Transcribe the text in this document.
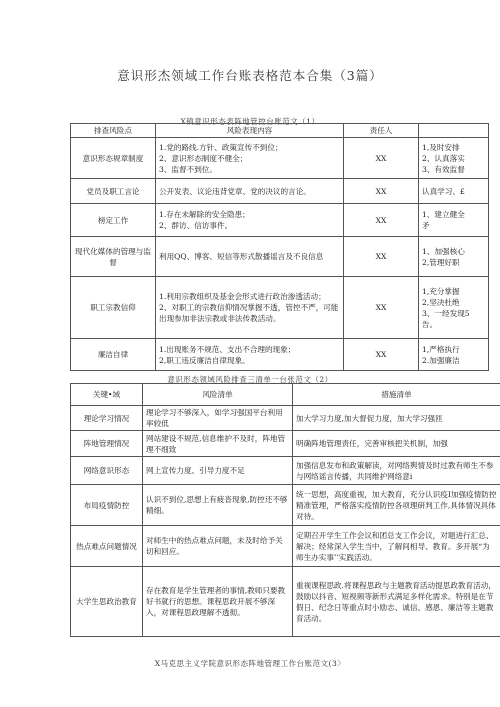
意识形杰领域工作台账表格范本合集（3篇）
X镇意识形态表阵地管控台账范文（1）
排查风险点	风险表现内容	责任人	
意识形态规章制度	1.党的路线.方针、政策宣传不到位；
2、意识形态制度不健全；
3、监督不到位。	XX	1,及时安排
2、认真落实
3、有效监督

党员及职工言论	公开发表、议论违背党章、党的决议的言论。	XX	认真学习、£

榜定工作	1.存在未解除的安全隐患；
2、群访、信访事件。	XX	1、建立健全
矛

现代化媒体的管理与监督	利用QQ、博客、短信等形式散播谣言及不良信息	XX	1、加强核心
2,管理好职

职工宗教信仰	1.利用宗教组织及基金会形式进行政治渗透活动；
2、对职工的宗教信仰情况掌握不透，管控不严，可能出现参加非法宗教或非法传教活动。	XX	1,充分掌握
2,坚决杜绝
3、一经发现5
告。

廉洁自律	1.出现账务不规范、支出不合理的现象；
2,职工违反廉洁自律现象。	XX	1,严格执行
2.加强廉洁
意识形态领域风险排查三清单一台张范文（2）
关键•域	风险清单	措施清单
理论学习情况	理论学习不够深入，如学习强国平台利用率较低	加大学习力度,加大督促力度，加大学习强匝
阵地管理情况	网站建设不规范,信息维护不及时，阵地管理不细致	明确阵地管理责任，完善审核把关机制，加强
网络意识形态	网上宣传力度、引导力度不足	加强信息发布和政策解读，对网络舆情及时过教有师生不参与网络谣言传播，共同维护网络意i
布局疫情防控	认识不到位,思想上有疲沓现象,防控还不够精细。	统一思想，高度重视，加大教育，充分认识疫I加强疫情防控精准管理，严格落实疫情防控各项理研判工作,具体情况具体对待。
热点难点问题情况	对师生中的热点难点问题，未及时给予关切和回应。	定期召开学生工作会议和团总支工作会议，对题进行汇总、解决；经常深入学生当中，了解间相导、教育。多开展“为师生办实事’’实践活动。
大学生思政治教育	存在教育是学生管理者的事情,教师只要教好书就行的思想。课程思政开展不够深入，对课程思政理解不透彻。	重视课程思政.将课程思政与主题教育活动提思政教育活动，鼓励以抖音、短视频等新形式满足多样化需求。特别是在节假日、纪念日等重点时小励志、诚信、感恩、廉洁等主题教育活动。
X马克思主义学院意识形态阵地管理工作台账范文(3〉
